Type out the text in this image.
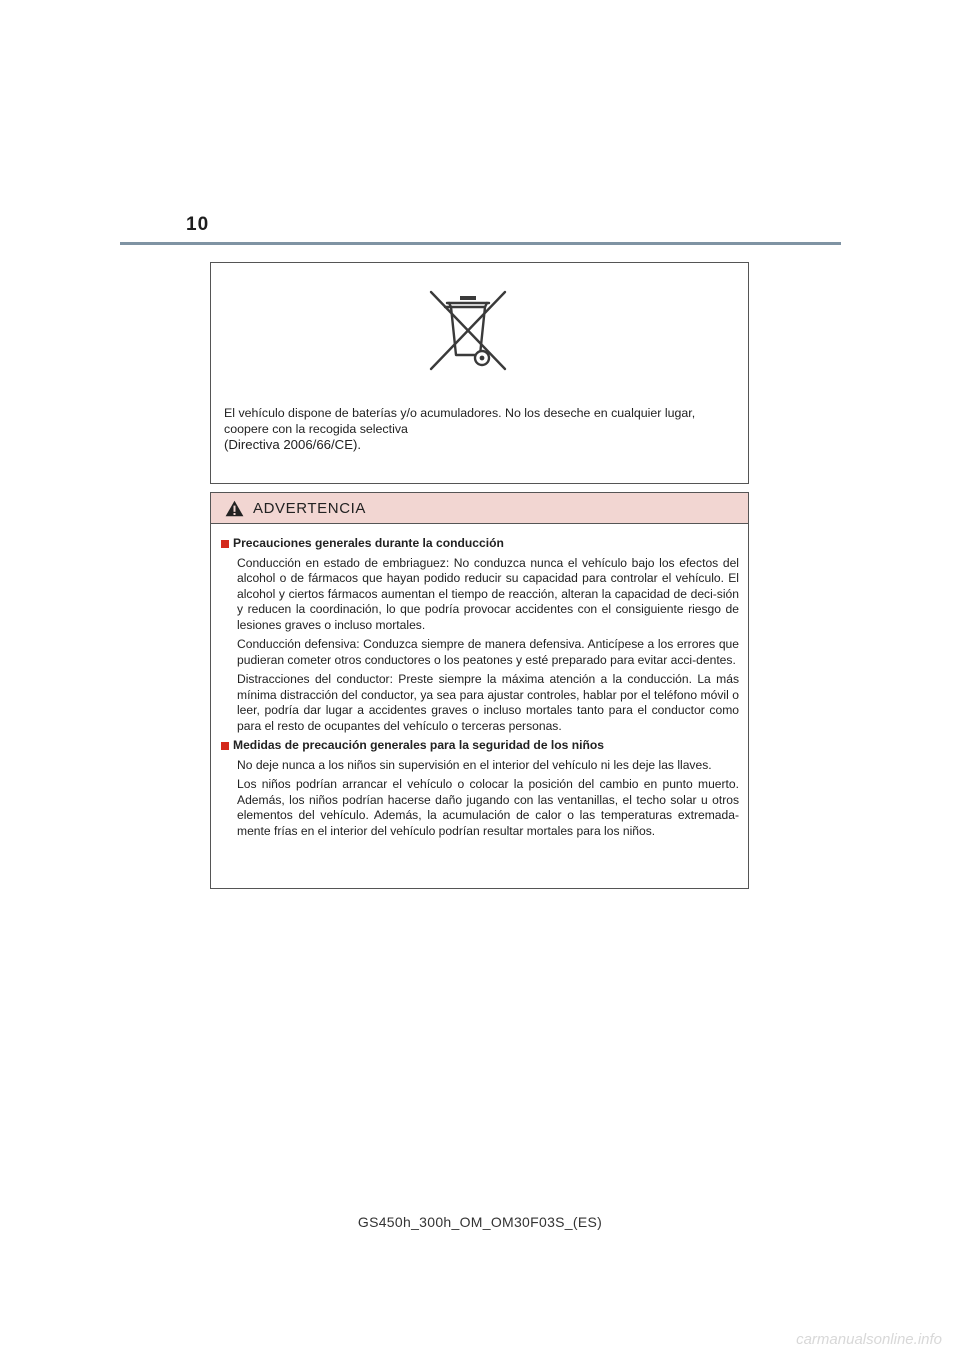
10

El vehículo dispone de baterías y/o acumuladores. No los deseche en cualquier lugar,

coopere con la recogida selectiva

(Directiva 2006/66/CE).

ADVERTENCIA
Precauciones generales durante la conducción

Conducción en estado de embriaguez: No conduzca nunca el vehículo bajo los efectos del alcohol o de fármacos que hayan podido reducir su capacidad para controlar el vehículo. El alcohol y ciertos fármacos aumentan el tiempo de reacción, alteran la capacidad de deci-sión y reducen la coordinación, lo que podría provocar accidentes con el consiguiente riesgo de lesiones graves o incluso mortales.

Conducción defensiva: Conduzca siempre de manera defensiva. Anticípese a los errores que pudieran cometer otros conductores o los peatones y esté preparado para evitar acci-dentes.

Distracciones del conductor: Preste siempre la máxima atención a la conducción. La más mínima distracción del conductor, ya sea para ajustar controles, hablar por el teléfono móvil o leer, podría dar lugar a accidentes graves o incluso mortales tanto para el conductor como para el resto de ocupantes del vehículo o terceras personas.

Medidas de precaución generales para la seguridad de los niños

No deje nunca a los niños sin supervisión en el interior del vehículo ni les deje las llaves.

Los niños podrían arrancar el vehículo o colocar la posición del cambio en punto muerto. Además, los niños podrían hacerse daño jugando con las ventanillas, el techo solar u otros elementos del vehículo. Además, la acumulación de calor o las temperaturas extremada-mente frías en el interior del vehículo podrían resultar mortales para los niños.

GS450h_300h_OM_OM30F03S_(ES)
carmanualsonline.info
